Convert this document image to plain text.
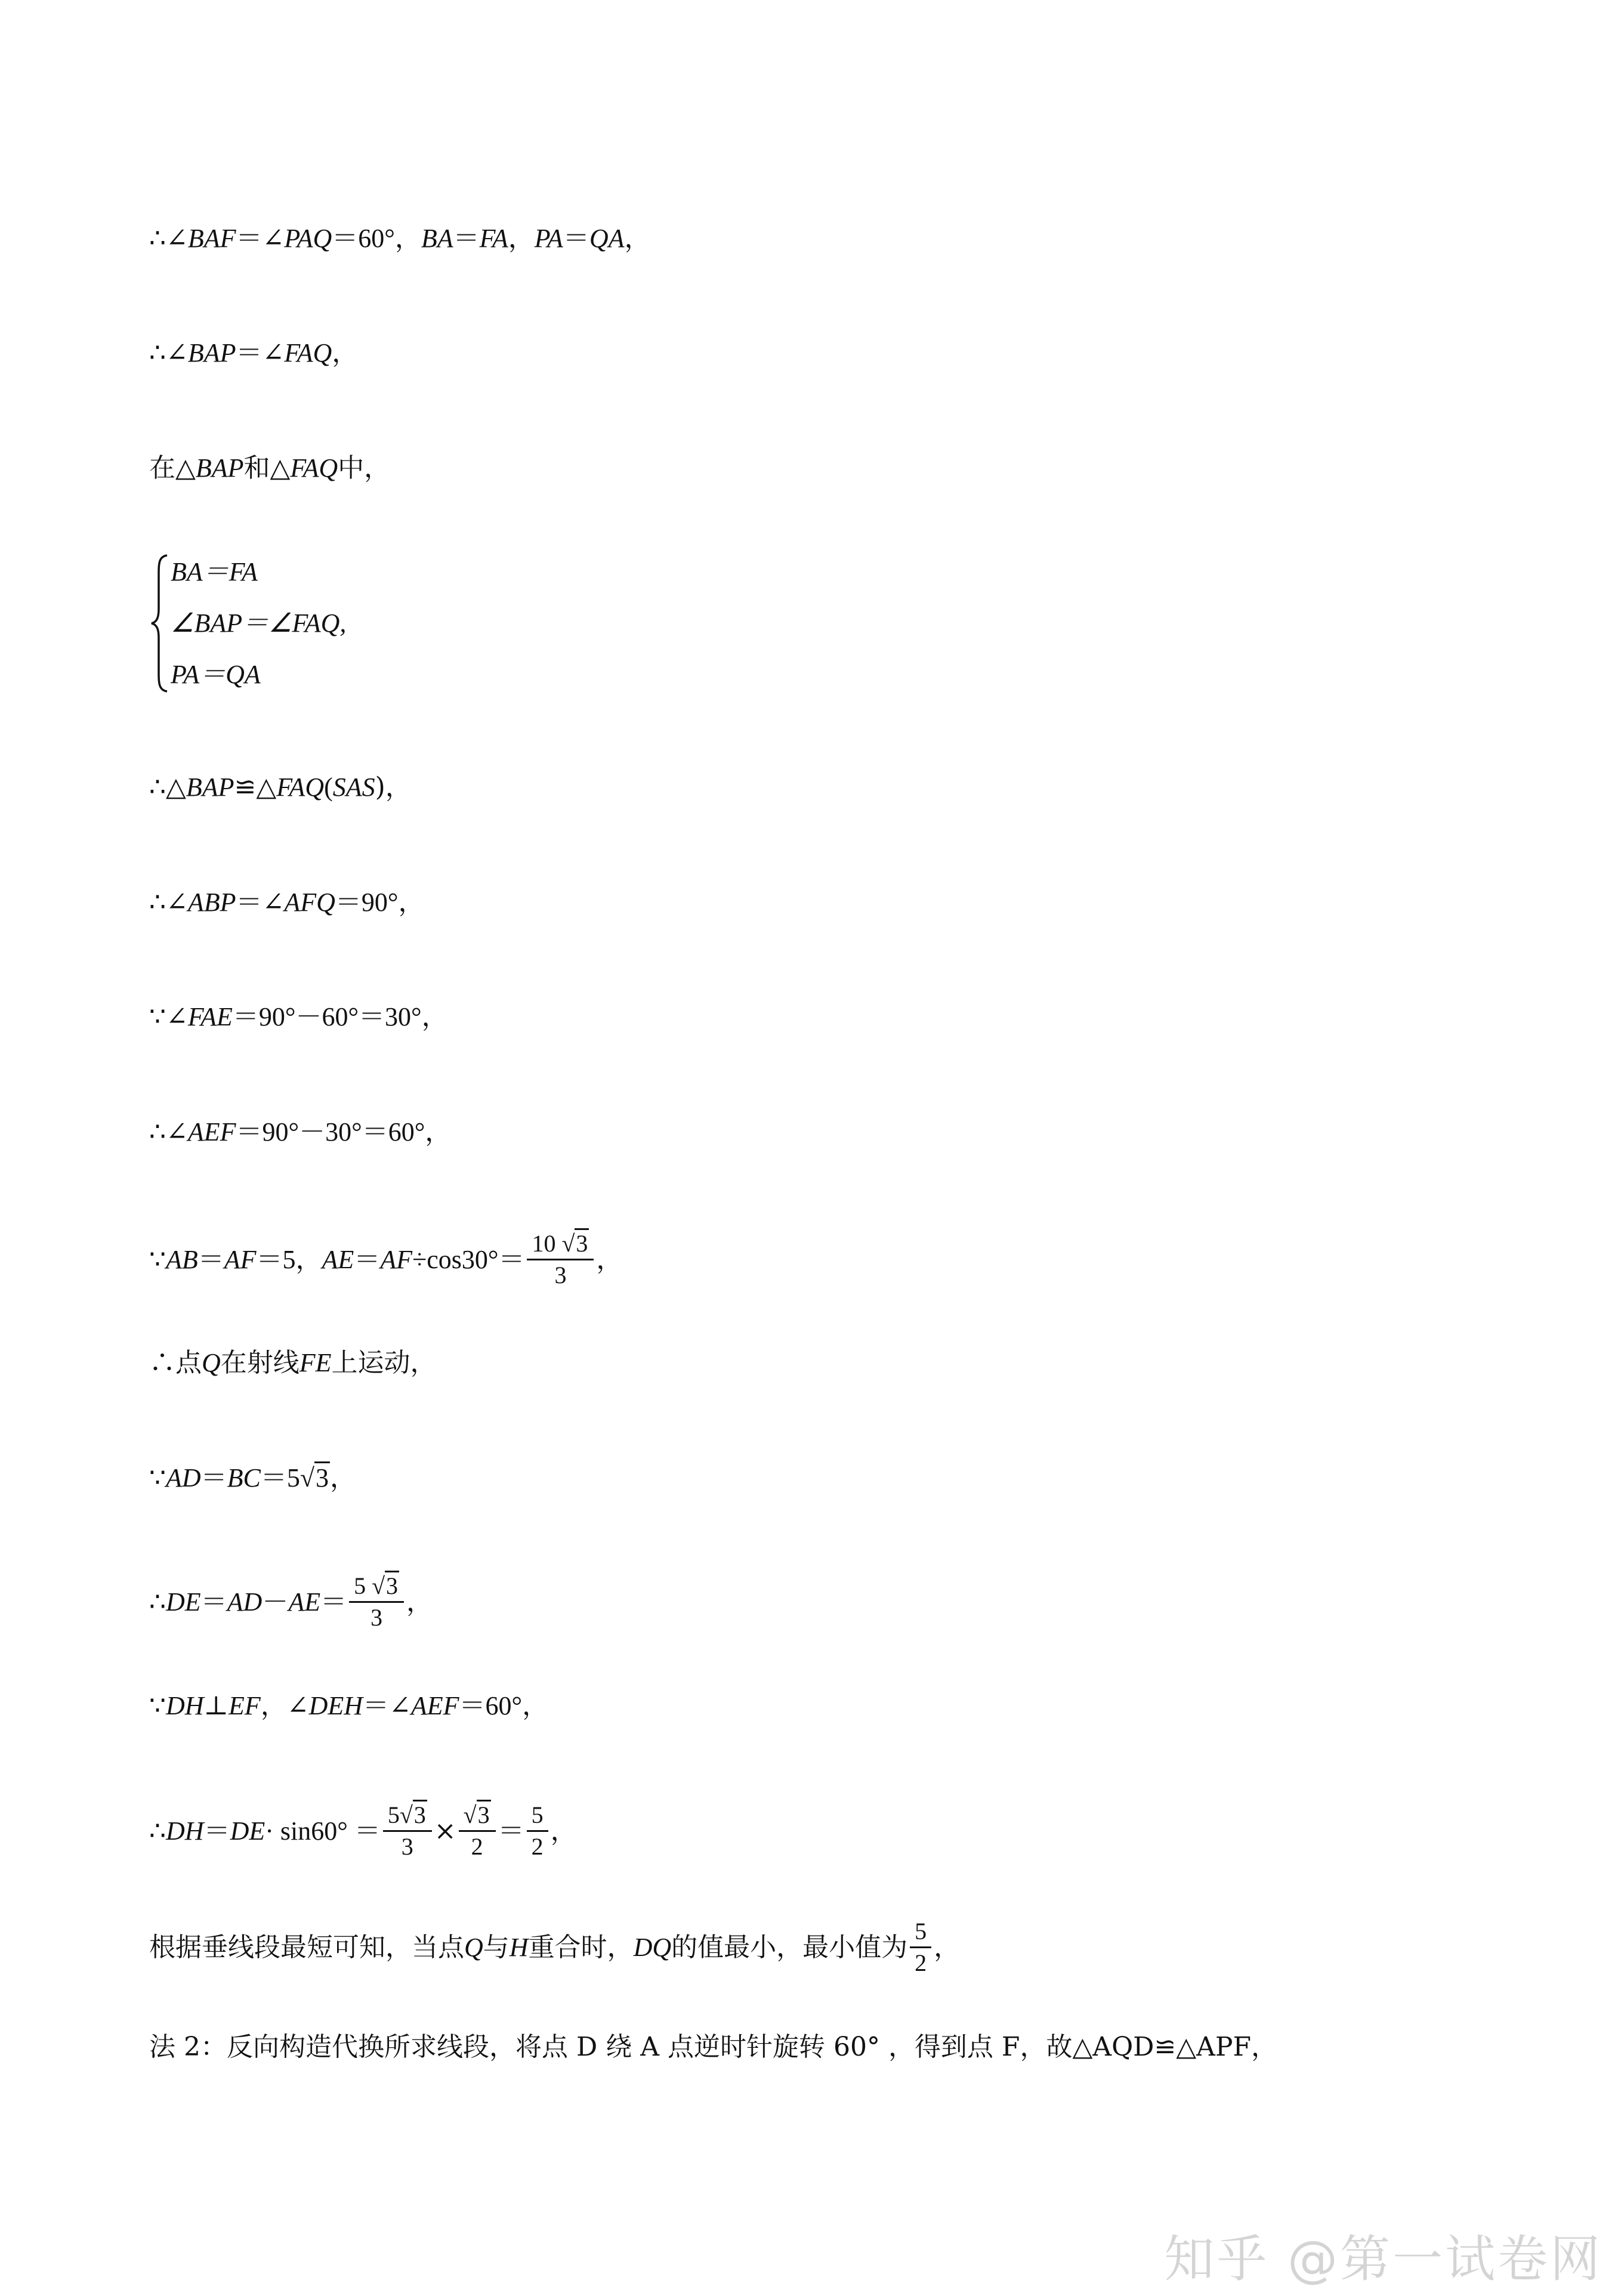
∴∠ BAF ＝∠ PAQ ＝60°， BA ＝ FA ， PA ＝ QA ，
∴∠ BAP ＝∠ FAQ ，
在△ BAP 和△ FAQ 中，
BA＝FA
∠BAP＝∠FAQ,
PA＝QA
∴△ BAP ≌△ FAQ ( SAS )，
∴∠ ABP ＝∠ AFQ ＝90°，
∵∠ FAE ＝90°－60°＝30°，
∴∠ AEF ＝90°－30°＝60°，
∵ AB ＝ AF ＝5， AE ＝ AF $\div\cos 30^\circ= \frac{10 √3}{3}$ ，
∴点 Q 在射线 FE 上运动，
∵ AD ＝ BC ＝5 √3 ，
∴ DE ＝ AD － AE ＝ $\frac{5 √3}{3}$ ，
∵ DH ⊥ EF ，∠ DEH ＝∠ AEF ＝60°，
∴ DH ＝ DE · $\sin 60^\circ = \frac{5√3}{3} \times \frac{√3}{2} = \frac{5}{2}$ ，
根据垂线段最短可知，当点 Q 与 H 重合时， DQ 的值最小，最小值为 $\frac{5}{2}$ ，
法 2：反向构造代换所求线段，将点 D 绕 A 点逆时针旋转 60° ，得到点 F，故△AQD≌△APF，
知乎 @第一试卷网
